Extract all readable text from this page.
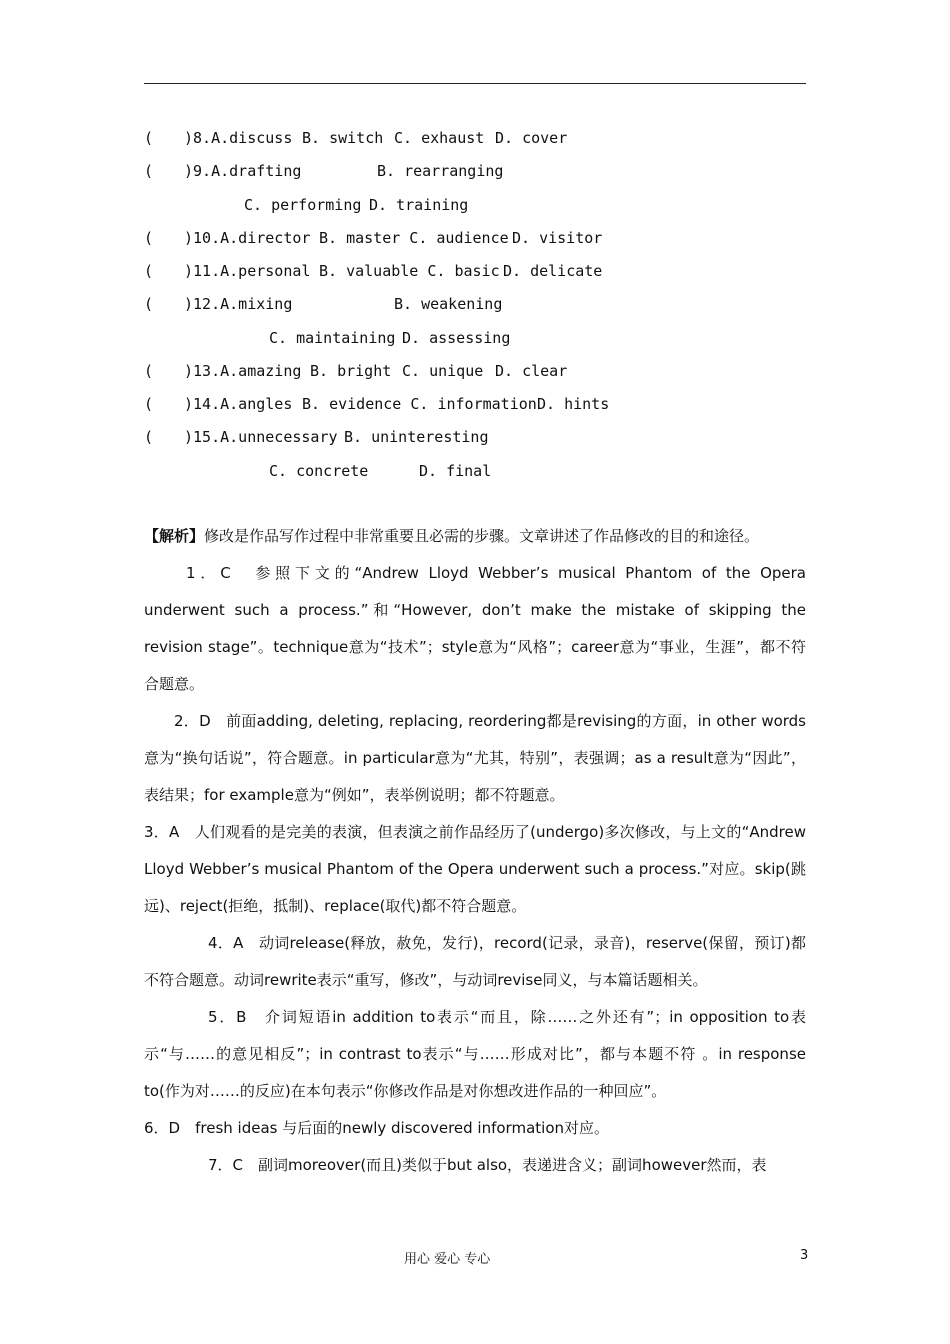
(

)8.A.discuss

B. switch

C. exhaust

D. cover

(

)9.A.drafting

	B. rearranging

C. performing

D. training

(

)10.A.director

B. master C. audience

D. visitor

(

)11.A.personal

B. valuable C. basic

D. delicate

(

)12.A.mixing

	B. weakening

C. maintaining

D. assessing

(

)13.A.amazing

B. bright

C. unique

D. clear

(

)14.A.angles

B. evidence C. information

D. hints

(

)15.A.unnecessary

B. uninteresting

C. concrete

	D. final

【解析】修改是作品写作过程中非常重要且必需的步骤。文章讲述了作品修改的目的和途径。

1．C　参照下文的“Andrew Lloyd Webber’s musical Phantom of the Opera underwent such a process.”和“However, don’t make the mistake of skipping the revision stage”。technique意为“技术”；style意为“风格”；career意为“事业，生涯”，都不符合题意。

2．D　前面adding, deleting, replacing, reordering都是revising的方面，in other words意为“换句话说”，符合题意。in particular意为“尤其，特别”，表强调；as a result意为“因此”，表结果；for example意为“例如”，表举例说明；都不符题意。

3．A　人们观看的是完美的表演，但表演之前作品经历了(undergo)多次修改，与上文的“Andrew Lloyd Webber’s musical Phantom of the Opera underwent such a process.”对应。skip(跳远)、reject(拒绝，抵制)、replace(取代)都不符合题意。

4．A　动词release(释放，赦免，发行)，record(记录，录音)，reserve(保留，预订)都不符合题意。动词rewrite表示“重写，修改”，与动词revise同义，与本篇话题相关。

5．B　介词短语in addition to表示“而且，除……之外还有”；in opposition to表示“与……的意见相反”；in contrast to表示“与……形成对比”，都与本题不符 。in response to(作为对……的反应)在本句表示“你修改作品是对你想改进作品的一种回应”。

6．D　fresh ideas 与后面的newly discovered information对应。

7．C　副词moreover(而且)类似于but also，表递进含义；副词however然而，表

用心 爱心 专心	3
